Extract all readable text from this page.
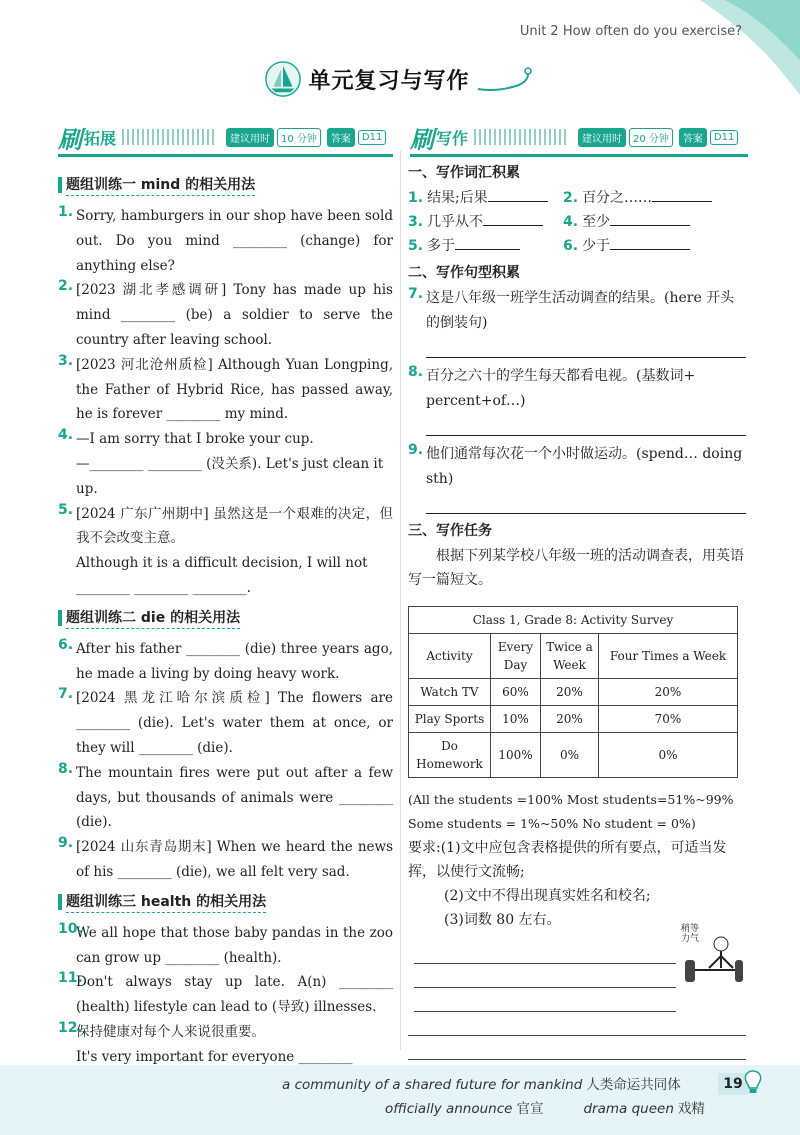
Unit 2 How often do you exercise?
单元复习与写作
刷 拓展	建议用时	10 分钟	答案	D11 刷 写作	建议用时	20 分钟	答案	D11
题组训练一 mind 的相关用法
1. Sorry, hamburgers in our shop have been sold out. Do you mind ________ (change) for anything else?
2. [2023 湖北孝感调研] Tony has made up his mind ________ (be) a soldier to serve the country after leaving school.
3. [2023 河北沧州质检] Although Yuan Longping, the Father of Hybrid Rice, has passed away, he is forever ________ my mind.
4. —I am sorry that I broke your cup.
—________ ________ (没关系). Let's just clean it up.
5. [2024 广东广州期中] 虽然这是一个艰难的决定，但我不会改变主意。
Although it is a difficult decision, I will not ________ ________ ________.
题组训练二 die 的相关用法
6. After his father ________ (die) three years ago, he made a living by doing heavy work.
7. [2024 黑龙江哈尔滨质检] The flowers are ________ (die). Let's water them at once, or they will ________ (die).
8. The mountain fires were put out after a few days, but thousands of animals were ________ (die).
9. [2024 山东青岛期末] When we heard the news of his ________ (die), we all felt very sad.
题组训练三 health 的相关用法
10.
We all hope that those baby pandas in the zoo can grow up ________ (health).
11.
Don't always stay up late. A(n) ________ (health) lifestyle can lead to (导致) illnesses.
12.
保持健康对每个人来说很重要。
It's very important for everyone ________
一、写作词汇积累
1. 结果;后果	2. 百分之……
3. 几乎从不	4. 至少
5. 多于	6. 少于
二、写作句型积累
7. 这是八年级一班学生活动调查的结果。(here 开头的倒装句)
8. 百分之六十的学生每天都看电视。(基数词+ percent+of…)
9. 他们通常每次花一个小时做运动。(spend… doing sth)
三、写作任务
根据下列某学校八年级一班的活动调查表，用英语写一篇短文。
Class 1, Grade 8: Activity Survey			
Activity	Every Day	Twice a Week	Four Times a Week
Watch TV	60%	20%	20%
Play Sports	10%	20%	70%
Do Homework	100%	0%	0%
(All the students =100% Most students=51%~99%
Some students = 1%~50% No student = 0%)
要求:(1)文中应包含表格提供的所有要点，可适当发挥，以使行文流畅;
(2)文中不得出现真实姓名和校名;
(3)词数 80 左右。
稍等 力气
a community of a shared future for mankind 人类命运共同体
officially announce 官宣	drama queen 戏精
19
